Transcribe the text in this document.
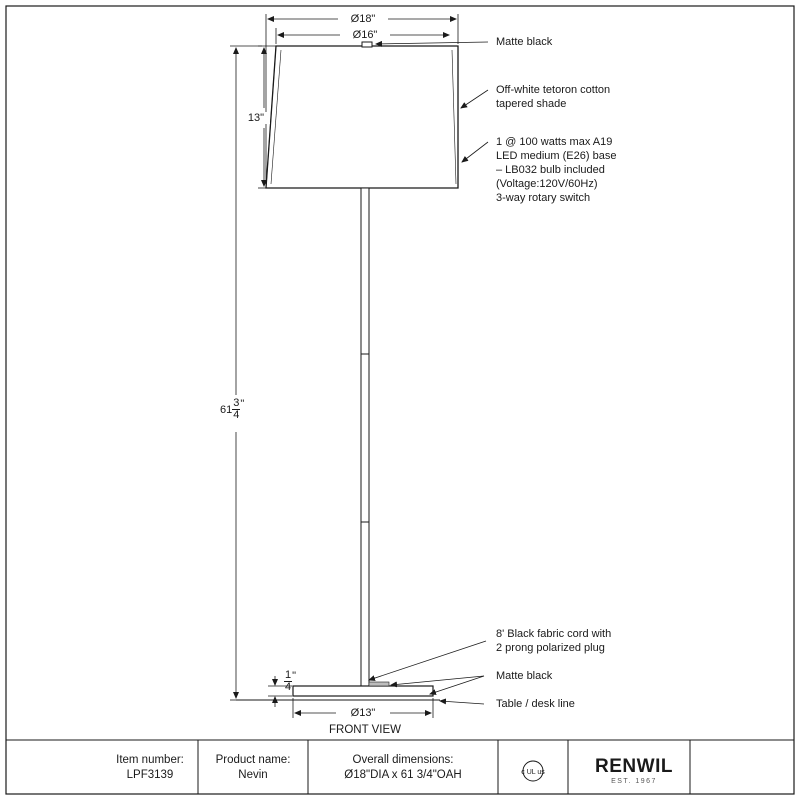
c UL us
Ø18"
Ø16"
13"
$61 \frac{3}{4}$ "
$\frac{1}{4}$ "
Ø13"
FRONT VIEW
Matte black
Off-white tetoron cotton
tapered shade
1 @ 100 watts max A19
LED medium (E26) base
– LB032 bulb included
(Voltage:120V/60Hz)
3-way rotary switch
8' Black fabric cord with
2 prong polarized plug
Matte black
Table / desk line
Item number:
LPF3139
Product name:
Nevin
Overall dimensions:
Ø18"DIA x 61 3/4"OAH	RENWIL
EST. 1967
